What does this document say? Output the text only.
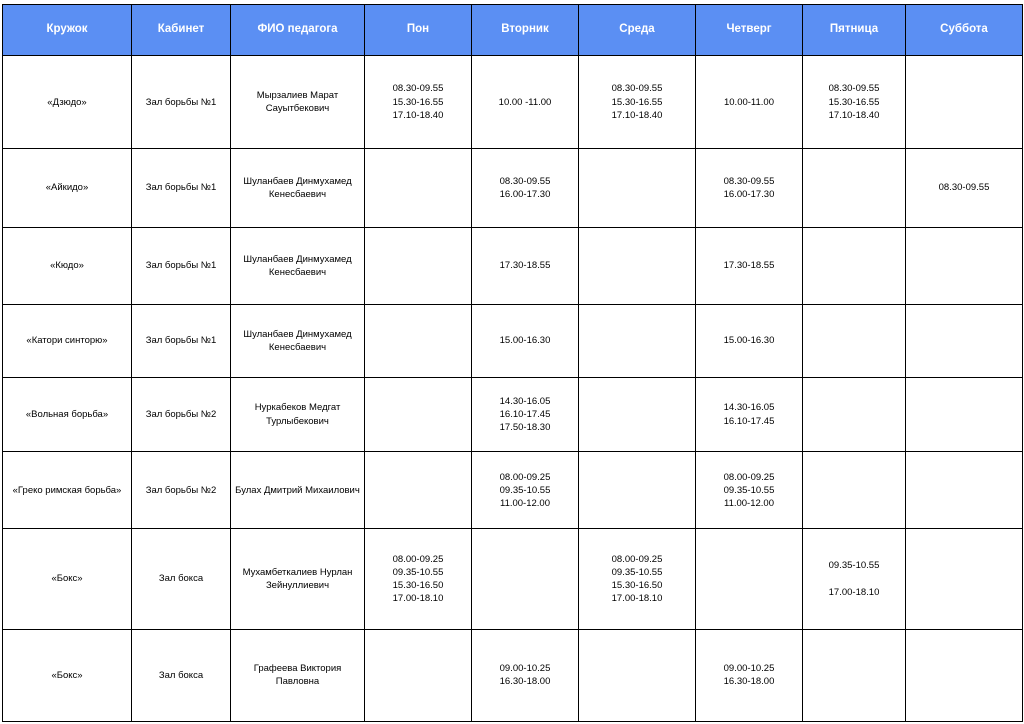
Кружок	Кабинет	ФИО педагога	Пон	Вторник	Среда	Четверг	Пятница	Суббота
«Дзюдо»	Зал борьбы №1	Мырзалиев Марат Сауытбекович	08.30-09.55
15.30-16.55
17.10-18.40	10.00 -11.00	08.30-09.55
15.30-16.55
17.10-18.40	10.00-11.00	08.30-09.55
15.30-16.55
17.10-18.40	
«Айкидо»	Зал борьбы №1	Шуланбаев Динмухамед Кенесбаевич		08.30-09.55
16.00-17.30		08.30-09.55
16.00-17.30		08.30-09.55
«Кюдо»	Зал борьбы №1	Шуланбаев Динмухамед Кенесбаевич		17.30-18.55		17.30-18.55		
«Катори синторю»	Зал борьбы №1	Шуланбаев Динмухамед Кенесбаевич		15.00-16.30		15.00-16.30		
«Вольная борьба»	Зал борьбы №2	Нуркабеков Медгат Турлыбекович		14.30-16.05
16.10-17.45
17.50-18.30		14.30-16.05
16.10-17.45		
«Греко римская борьба»	Зал борьбы №2	Булах Дмитрий Михаилович		08.00-09.25
09.35-10.55
11.00-12.00		08.00-09.25
09.35-10.55
11.00-12.00		
«Бокс»	Зал бокса	Мухамбеткалиев Нурлан Зейнуллиевич	08.00-09.25
09.35-10.55
15.30-16.50
17.00-18.10		08.00-09.25
09.35-10.55
15.30-16.50
17.00-18.10		09.35-10.55

17.00-18.10	
«Бокс»	Зал бокса	Графеева Виктория Павловна		09.00-10.25
16.30-18.00		09.00-10.25
16.30-18.00		
